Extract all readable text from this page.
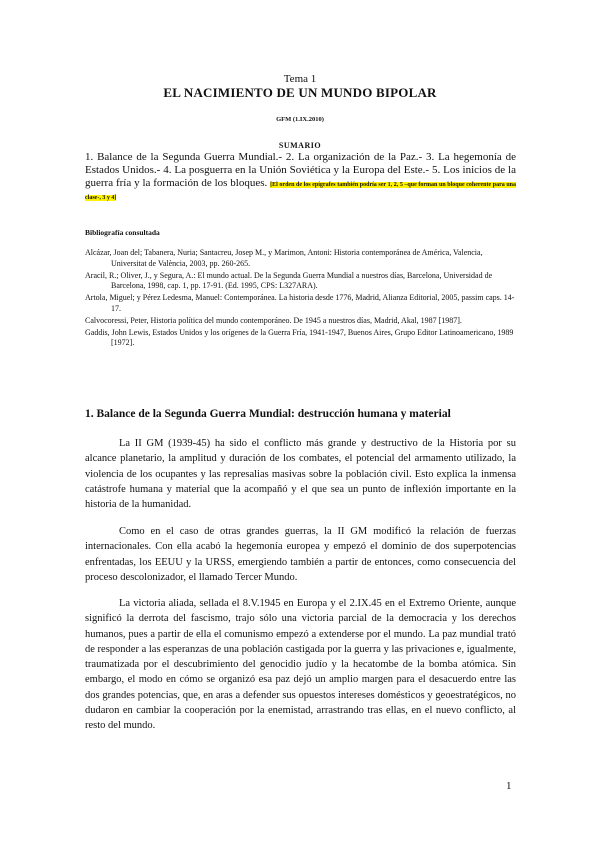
Tema 1
EL NACIMIENTO DE UN MUNDO BIPOLAR
GFM (1.IX.2010)
SUMARIO
1. Balance de la Segunda Guerra Mundial.- 2. La organización de la Paz.- 3. La hegemonía de Estados Unidos.- 4. La posguerra en la Unión Soviética y la Europa del Este.- 5. Los inicios de la guerra fría y la formación de los bloques. [El orden de los epígrafes también podría ser 1, 2, 5 –que forman un bloque coherente para una clase-, 3 y 4]
Bibliografía consultada

Alcázar, Joan del; Tabanera, Nuria; Santacreu, Josep M., y Marimon, Antoni: Historia contemporánea de América, Valencia, Universitat de València, 2003, pp. 260-265.

Aracil, R.; Oliver, J., y Segura, A.: El mundo actual. De la Segunda Guerra Mundial a nuestros días, Barcelona, Universidad de Barcelona, 1998, cap. 1, pp. 17-91. (Ed. 1995, CPS: L327ARA).

Artola, Miguel; y Pérez Ledesma, Manuel: Contemporánea. La historia desde 1776, Madrid, Alianza Editorial, 2005, passim caps. 14-17.

Calvocoressi, Peter, Historia política del mundo contemporáneo. De 1945 a nuestros días, Madrid, Akal, 1987 [1987].

Gaddis, John Lewis, Estados Unidos y los orígenes de la Guerra Fría, 1941-1947, Buenos Aires, Grupo Editor Latinoamericano, 1989 [1972].

1. Balance de la Segunda Guerra Mundial: destrucción humana y material

La II GM (1939-45) ha sido el conflicto más grande y destructivo de la Historia por su alcance planetario, la amplitud y duración de los combates, el potencial del armamento utilizado, la violencia de los ocupantes y las represalias masivas sobre la población civil. Esto explica la inmensa catástrofe humana y material que la acompañó y el que sea un punto de inflexión importante en la historia de la humanidad.

Como en el caso de otras grandes guerras, la II GM modificó la relación de fuerzas internacionales. Con ella acabó la hegemonía europea y empezó el dominio de dos superpotencias enfrentadas, los EEUU y la URSS, emergiendo también a partir de entonces, como consecuencia del proceso descolonizador, el llamado Tercer Mundo.

La victoria aliada, sellada el 8.V.1945 en Europa y el 2.IX.45 en el Extremo Oriente, aunque significó la derrota del fascismo, trajo sólo una victoria parcial de la democracia y los derechos humanos, pues a partir de ella el comunismo empezó a extenderse por el mundo. La paz mundial trató de responder a las esperanzas de una población castigada por la guerra y las privaciones e, igualmente, traumatizada por el descubrimiento del genocidio judío y la hecatombe de la bomba atómica. Sin embargo, el modo en cómo se organizó esa paz dejó un amplio margen para el desacuerdo entre las dos grandes potencias, que, en aras a defender sus opuestos intereses domésticos y geoestratégicos, no dudaron en cambiar la cooperación por la enemistad, arrastrando tras ellas, en el nuevo conflicto, al resto del mundo.

1
